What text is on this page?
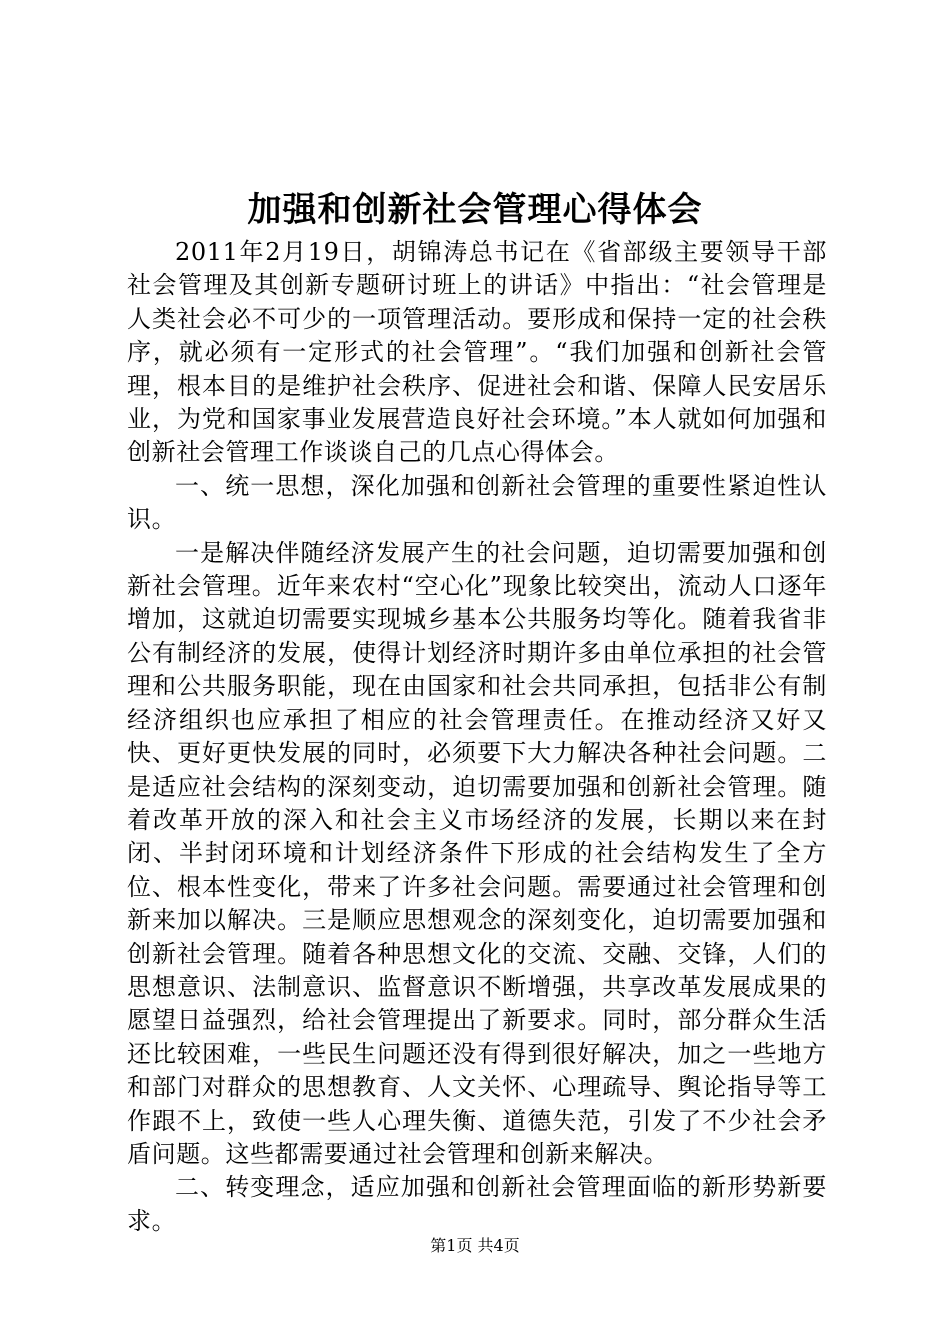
加强和创新社会管理心得体会

2011年2月19日，胡锦涛总书记在《省部级主要领导干部社会管理及其创新专题研讨班上的讲话》中指出：“社会管理是人类社会必不可少的一项管理活动。要形成和保持一定的社会秩序，就必须有一定形式的社会管理”。“我们加强和创新社会管理，根本目的是维护社会秩序、促进社会和谐、保障人民安居乐业，为党和国家事业发展营造良好社会环境。”本人就如何加强和创新社会管理工作谈谈自己的几点心得体会。

一、统一思想，深化加强和创新社会管理的重要性紧迫性认识。

一是解决伴随经济发展产生的社会问题，迫切需要加强和创新社会管理。近年来农村“空心化”现象比较突出，流动人口逐年增加，这就迫切需要实现城乡基本公共服务均等化。随着我省非公有制经济的发展，使得计划经济时期许多由单位承担的社会管理和公共服务职能，现在由国家和社会共同承担，包括非公有制经济组织也应承担了相应的社会管理责任。在推动经济又好又快、更好更快发展的同时，必须要下大力解决各种社会问题。二是适应社会结构的深刻变动，迫切需要加强和创新社会管理。随着改革开放的深入和社会主义市场经济的发展，长期以来在封闭、半封闭环境和计划经济条件下形成的社会结构发生了全方位、根本性变化，带来了许多社会问题。需要通过社会管理和创新来加以解决。三是顺应思想观念的深刻变化，迫切需要加强和创新社会管理。随着各种思想文化的交流、交融、交锋，人们的思想意识、法制意识、监督意识不断增强，共享改革发展成果的愿望日益强烈，给社会管理提出了新要求。同时，部分群众生活还比较困难，一些民生问题还没有得到很好解决，加之一些地方和部门对群众的思想教育、人文关怀、心理疏导、舆论指导等工作跟不上，致使一些人心理失衡、道德失范，引发了不少社会矛盾问题。这些都需要通过社会管理和创新来解决。

二、转变理念，适应加强和创新社会管理面临的新形势新要求。

第1页 共4页
